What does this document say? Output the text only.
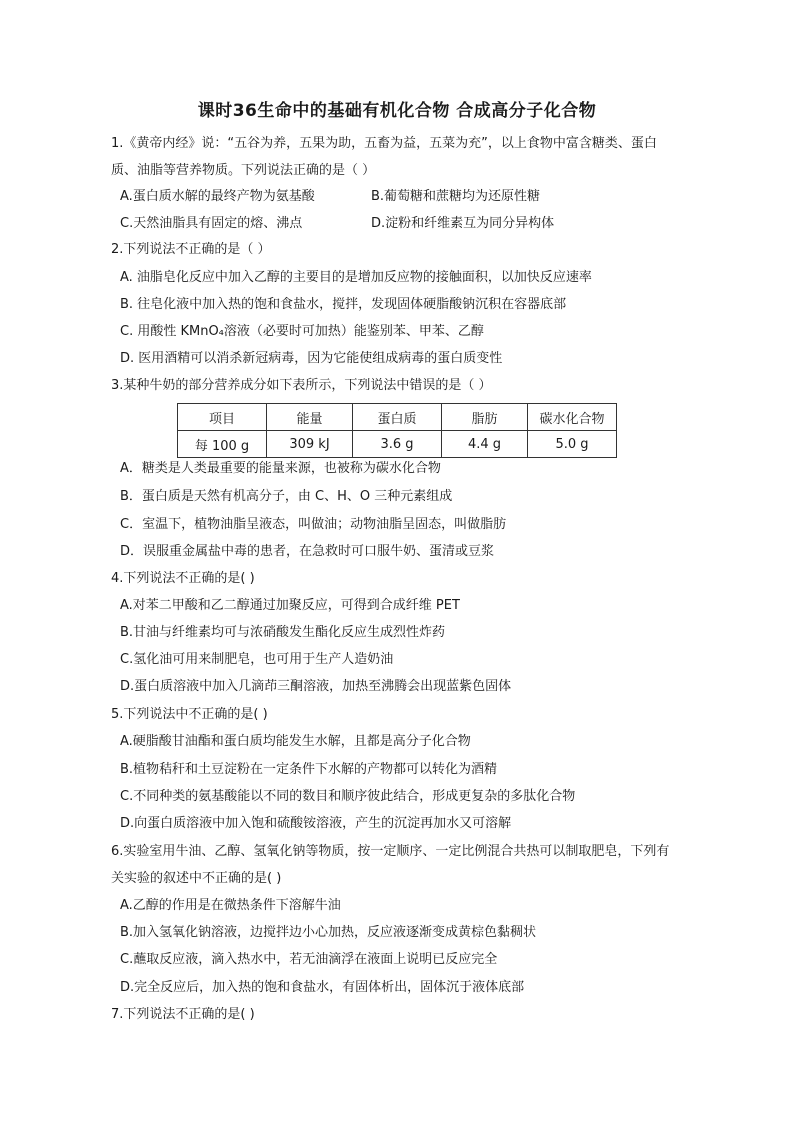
课时36生命中的基础有机化合物 合成高分子化合物
1.《黄帝内经》说：“五谷为养，五果为助，五畜为益，五菜为充”，以上食物中富含糖类、蛋白
质、油脂等营养物质。下列说法正确的是（ ）
A.蛋白质水解的最终产物为氨基酸	B.葡萄糖和蔗糖均为还原性糖
C.天然油脂具有固定的熔、沸点	D.淀粉和纤维素互为同分异构体
2.下列说法不正确的是（ ）
A. 油脂皂化反应中加入乙醇的主要目的是增加反应物的接触面积，以加快反应速率
B. 往皂化液中加入热的饱和食盐水，搅拌，发现固体硬脂酸钠沉积在容器底部
C. 用酸性 KMnO₄溶液（必要时可加热）能鉴别苯、甲苯、乙醇
D. 医用酒精可以消杀新冠病毒，因为它能使组成病毒的蛋白质变性
3.某种牛奶的部分营养成分如下表所示，下列说法中错误的是（ ）
项目	能量	蛋白质	脂肪	碳水化合物
每 100 g	309 kJ	3.6 g	4.4 g	5.0 g
A．糖类是人类最重要的能量来源，也被称为碳水化合物
B．蛋白质是天然有机高分子，由 C、H、O 三种元素组成
C．室温下，植物油脂呈液态，叫做油；动物油脂呈固态，叫做脂肪
D．误服重金属盐中毒的患者，在急救时可口服牛奶、蛋清或豆浆
4.下列说法不正确的是( )
A.对苯二甲酸和乙二醇通过加聚反应，可得到合成纤维 PET
B.甘油与纤维素均可与浓硝酸发生酯化反应生成烈性炸药
C.氢化油可用来制肥皂，也可用于生产人造奶油
D.蛋白质溶液中加入几滴茚三酮溶液，加热至沸腾会出现蓝紫色固体
5.下列说法中不正确的是( )
A.硬脂酸甘油酯和蛋白质均能发生水解，且都是高分子化合物
B.植物秸秆和土豆淀粉在一定条件下水解的产物都可以转化为酒精
C.不同种类的氨基酸能以不同的数目和顺序彼此结合，形成更复杂的多肽化合物
D.向蛋白质溶液中加入饱和硫酸铵溶液，产生的沉淀再加水又可溶解
6.实验室用牛油、乙醇、氢氧化钠等物质，按一定顺序、一定比例混合共热可以制取肥皂，下列有
关实验的叙述中不正确的是( )
A.乙醇的作用是在微热条件下溶解牛油
B.加入氢氧化钠溶液，边搅拌边小心加热，反应液逐渐变成黄棕色黏稠状
C.蘸取反应液，滴入热水中，若无油滴浮在液面上说明已反应完全
D.完全反应后，加入热的饱和食盐水，有固体析出，固体沉于液体底部
7.下列说法不正确的是( )
